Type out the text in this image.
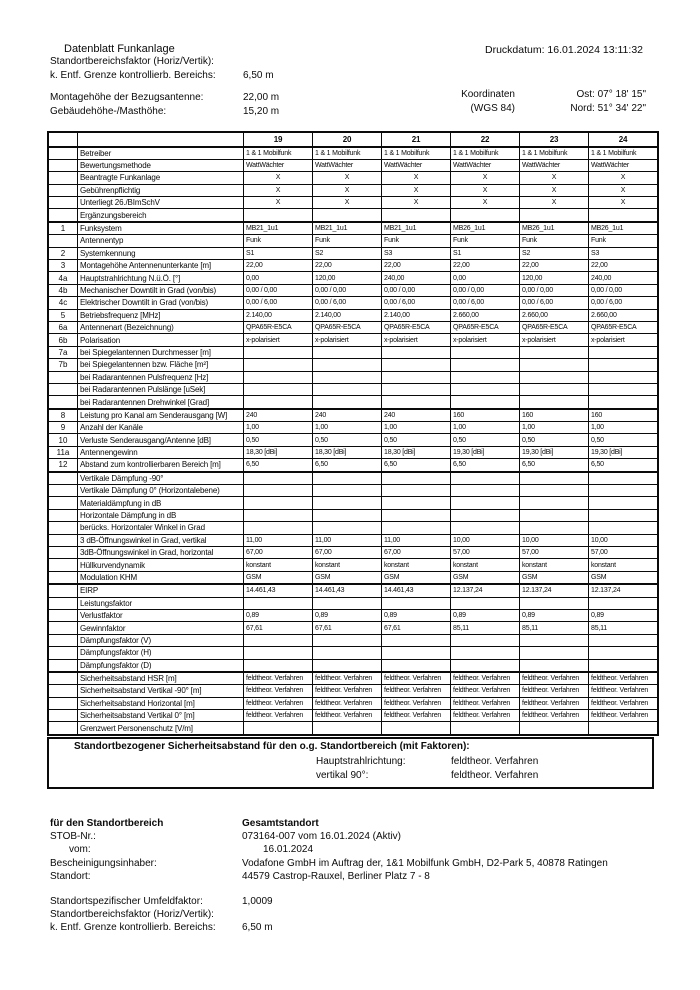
Datenblatt Funkanlage	Druckdatum: 16.01.2024 13:11:32
Standortbereichsfaktor (Horiz/Vertik):
k. Entf. Grenze kontrollierb. Bereichs:	6,50 m
Montagehöhe der Bezugsantenne:	22,00 m
Gebäudehöhe-/Masthöhe:	15,20 m
Koordinaten
(WGS 84)
Ost: 07° 18' 15"
Nord: 51° 34' 22"
		19	20	21	22	23	24
	Betreiber	1 & 1 Mobilfunk	1 & 1 Mobilfunk	1 & 1 Mobilfunk	1 & 1 Mobilfunk	1 & 1 Mobilfunk	1 & 1 Mobilfunk
	Bewertungsmethode	WattWächter	WattWächter	WattWächter	WattWächter	WattWächter	WattWächter
	Beantragte Funkanlage	X	X	X	X	X	X
	Gebührenpflichtig	X	X	X	X	X	X
	Unterliegt 26./BImSchV	X	X	X	X	X	X
	Ergänzungsbereich						
1	Funksystem	MB21_1u1	MB21_1u1	MB21_1u1	MB26_1u1	MB26_1u1	MB26_1u1
	Antennentyp	Funk	Funk	Funk	Funk	Funk	Funk
2	Systemkennung	S1	S2	S3	S1	S2	S3
3	Montagehöhe Antennenunterkante [m]	22,00	22,00	22,00	22,00	22,00	22,00
4a	Hauptstrahlrichtung N.ü.Ö. [°]	0,00	120,00	240,00	0,00	120,00	240,00
4b	Mechanischer Downtilt in Grad (von/bis)	0,00 / 0,00	0,00 / 0,00	0,00 / 0,00	0,00 / 0,00	0,00 / 0,00	0,00 / 0,00
4c	Elektrischer Downtilt in Grad (von/bis)	0,00 / 6,00	0,00 / 6,00	0,00 / 6,00	0,00 / 6,00	0,00 / 6,00	0,00 / 6,00
5	Betriebsfrequenz [MHz]	2.140,00	2.140,00	2.140,00	2.660,00	2.660,00	2.660,00
6a	Antennenart (Bezeichnung)	QPA65R-E5CA	QPA65R-E5CA	QPA65R-E5CA	QPA65R-E5CA	QPA65R-E5CA	QPA65R-E5CA
6b	Polarisation	x-polarisiert	x-polarisiert	x-polarisiert	x-polarisiert	x-polarisiert	x-polarisiert
7a	bei Spiegelantennen Durchmesser [m]						
7b	bei Spiegelantennen bzw. Fläche [m²]						
	bei Radarantennen Pulsfrequenz [Hz]						
	bei Radarantennen Pulslänge [uSek]						
	bei Radarantennen Drehwinkel [Grad]						
8	Leistung pro Kanal am Senderausgang [W]	240	240	240	160	160	160
9	Anzahl der Kanäle	1,00	1,00	1,00	1,00	1,00	1,00
10	Verluste Senderausgang/Antenne [dB]	0,50	0,50	0,50	0,50	0,50	0,50
11a	Antennengewinn	18,30 [dBi]	18,30 [dBi]	18,30 [dBi]	19,30 [dBi]	19,30 [dBi]	19,30 [dBi]
12	Abstand zum kontrollierbaren Bereich [m]	6,50	6,50	6,50	6,50	6,50	6,50
	Vertikale Dämpfung -90°						
	Vertikale Dämpfung 0° (Horizontalebene)						
	Materialdämpfung in dB						
	Horizontale Dämpfung in dB						
	berücks. Horizontaler Winkel in Grad						
	3 dB-Öffnungswinkel in Grad, vertikal	11,00	11,00	11,00	10,00	10,00	10,00
	3dB-Öffnungswinkel in Grad, horizontal	67,00	67,00	67,00	57,00	57,00	57,00
	Hüllkurvendynamik	konstant	konstant	konstant	konstant	konstant	konstant
	Modulation KHM	GSM	GSM	GSM	GSM	GSM	GSM
	EIRP	14.461,43	14.461,43	14.461,43	12.137,24	12.137,24	12.137,24
	Leistungsfaktor						
	Verlustfaktor	0,89	0,89	0,89	0,89	0,89	0,89
	Gewinnfaktor	67,61	67,61	67,61	85,11	85,11	85,11
	Dämpfungsfaktor (V)						
	Dämpfungsfaktor (H)						
	Dämpfungsfaktor (D)						
	Sicherheitsabstand HSR [m]	feldtheor. Verfahren	feldtheor. Verfahren	feldtheor. Verfahren	feldtheor. Verfahren	feldtheor. Verfahren	feldtheor. Verfahren
	Sicherheitsabstand Vertikal -90° [m]	feldtheor. Verfahren	feldtheor. Verfahren	feldtheor. Verfahren	feldtheor. Verfahren	feldtheor. Verfahren	feldtheor. Verfahren
	Sicherheitsabstand Horizontal [m]	feldtheor. Verfahren	feldtheor. Verfahren	feldtheor. Verfahren	feldtheor. Verfahren	feldtheor. Verfahren	feldtheor. Verfahren
	Sicherheitsabstand Vertikal 0° [m]	feldtheor. Verfahren	feldtheor. Verfahren	feldtheor. Verfahren	feldtheor. Verfahren	feldtheor. Verfahren	feldtheor. Verfahren
	Grenzwert Personenschutz [V/m]						
Standortbezogener Sicherheitsabstand für den o.g. Standortbereich (mit Faktoren):
Hauptstrahlrichtung:	feldtheor. Verfahren
vertikal 90°:	feldtheor. Verfahren
für den Standortbereich	Gesamtstandort
STOB-Nr.:	073164-007 vom 16.01.2024 (Aktiv)
vom:	16.01.2024
Bescheinigungsinhaber:	Vodafone GmbH im Auftrag der, 1&1 Mobilfunk GmbH, D2-Park 5, 40878 Ratingen
Standort:	44579 Castrop-Rauxel, Berliner Platz 7 - 8
Standortspezifischer Umfeldfaktor:	1,0009
Standortbereichsfaktor (Horiz/Vertik):
k. Entf. Grenze kontrollierb. Bereichs:	6,50 m
